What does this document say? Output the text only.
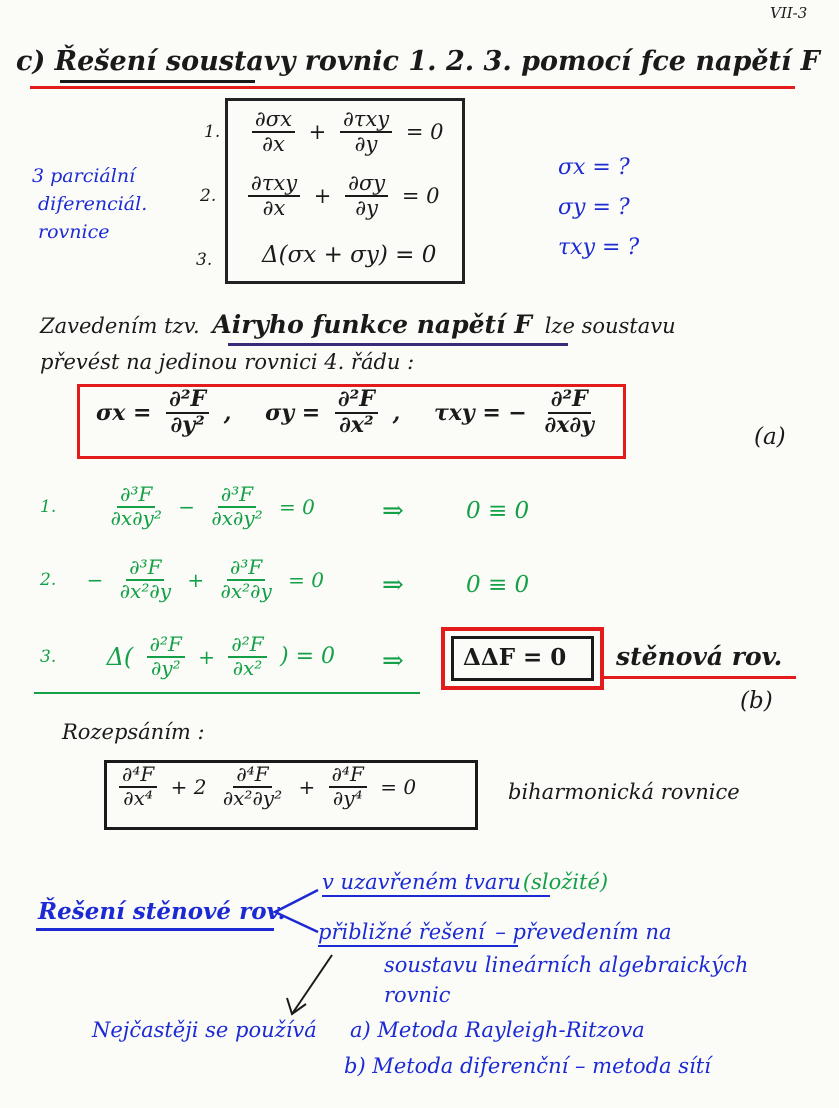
VII-3
c) Řešení soustavy rovnic 1. 2. 3. pomocí fce napětí F
1. $\frac{\partial\sigma x}{\partial x} + \frac{\text{∂τxy}}{\partial y} = 0$
2. $\frac{\text{∂τxy}}{\partial x} + \frac{\partial\sigma y}{\partial y} = 0$
3. Δ(σx + σy) = 0
3 parciální
diferenciál.
rovnice
σx = ?
σy = ?
τxy = ?
Zavedením tzv. Airyho funkce napětí F lze soustavu
převést na jedinou rovnici 4. řádu :
$\sigma x = \frac{\text{∂²F}}{\text{∂y²}}$ , $\sigma y = \frac{\text{∂²F}}{\text{∂x²}}$ , τxy = − $\frac{\text{∂²F}}{\partial x\partial y}$	(a)
1.	$\frac{\text{∂³F}}{\text{∂x∂y²}} - \frac{\text{∂³F}}{\text{∂x∂y²}} = 0$	⇒	0 ≡ 0
2. − $\frac{\text{∂³F}}{\text{∂x²∂y}} + \frac{\text{∂³F}}{\text{∂x²∂y}} = 0$ ⇒	0 ≡ 0
3. $\Delta( \frac{\text{∂²F}}{\text{∂y²}} + \frac{\text{∂²F}}{\text{∂x²}}$ ) = 0 ⇒	ΔΔF = 0 stěnová rov.
(b)
Rozepsáním :
$\frac{\text{∂⁴F}}{\text{∂x⁴}} + 2 \frac{\text{∂⁴F}}{\text{∂x²∂y²}} + \frac{\text{∂⁴F}}{\text{∂y⁴}} = 0$	biharmonická rovnice
Řešení stěnové rov.
v uzavřeném tvaru(složité)
přibližné řešení – převedením na
soustavu lineárních algebraických
rovnic
Nejčastěji se používá a) Metoda Rayleigh-Ritzova
b) Metoda diferenční – metoda sítí
